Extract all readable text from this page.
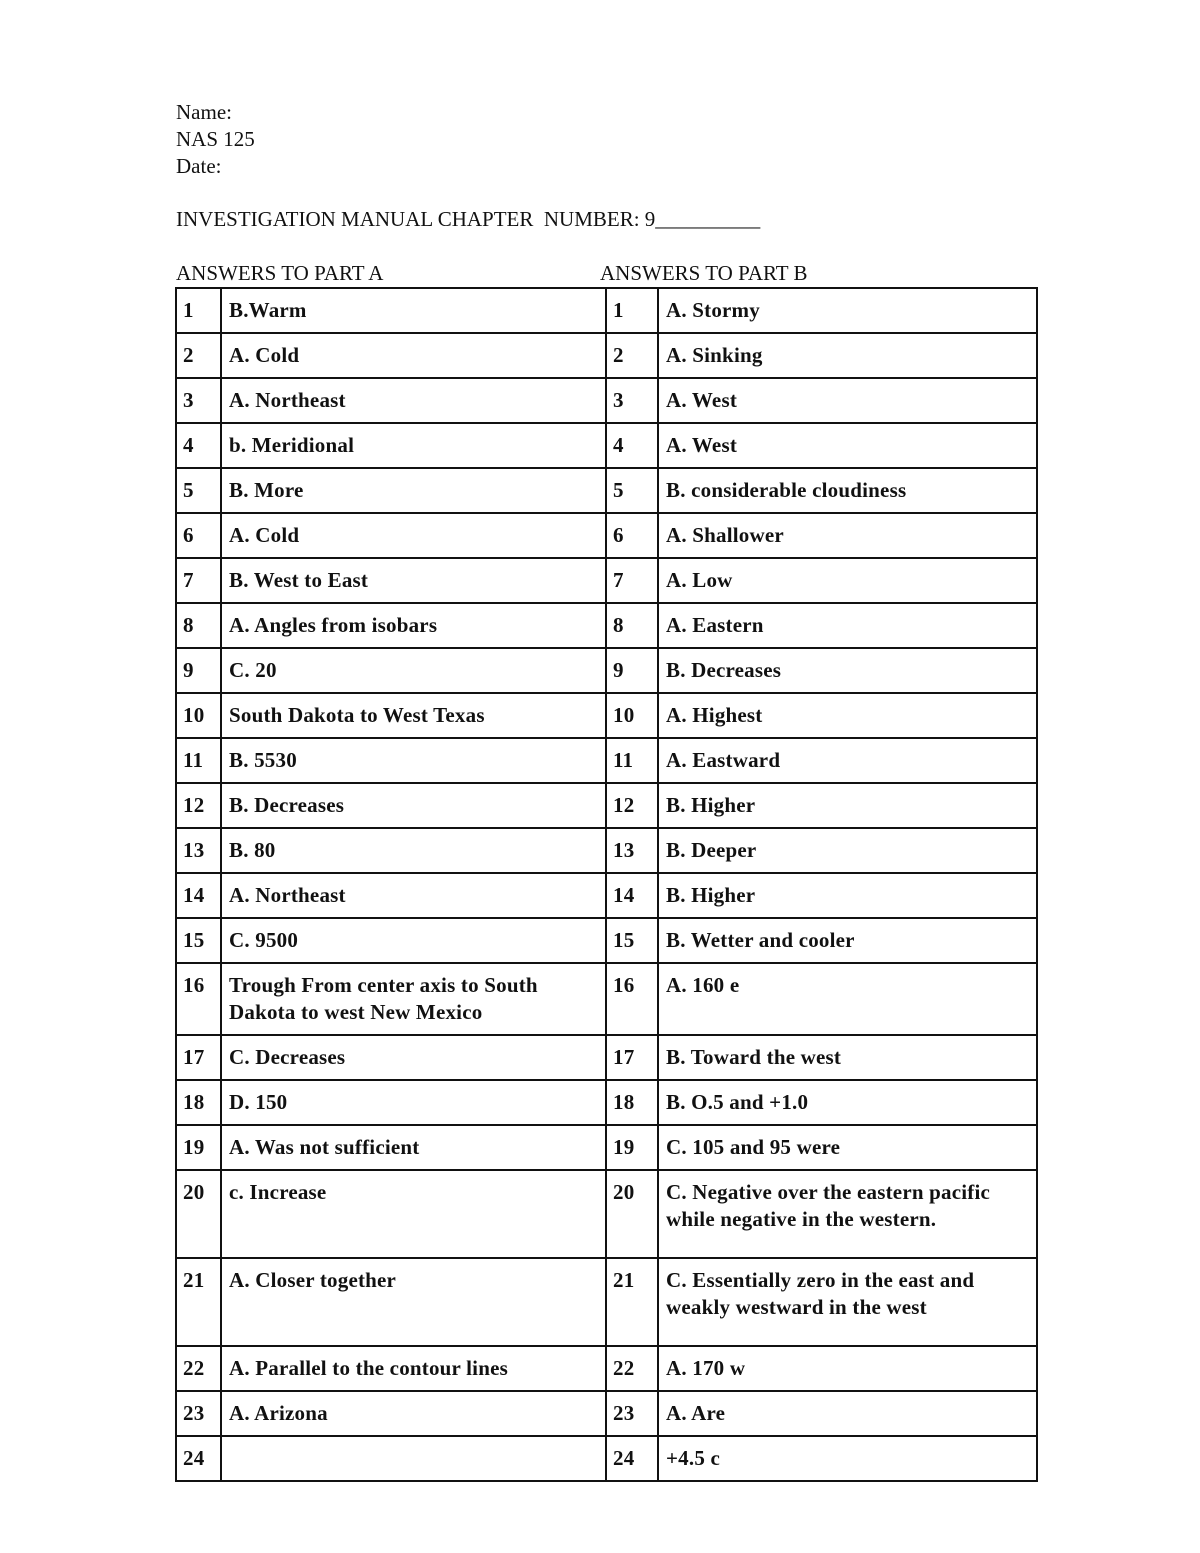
Name:
NAS 125
Date:
INVESTIGATION MANUAL CHAPTER  NUMBER: 9__________
ANSWERS TO PART A	ANSWERS TO PART B
1	B.Warm	1	A. Stormy
2	A. Cold	2	A. Sinking
3	A. Northeast	3	A. West
4	b. Meridional	4	A. West
5	B. More	5	B. considerable cloudiness
6	A. Cold	6	A. Shallower
7	B. West to East	7	A. Low
8	A. Angles from isobars	8	A. Eastern
9	C. 20	9	B. Decreases
10	South Dakota to West Texas	10	A. Highest
11	B. 5530	11	A. Eastward
12	B. Decreases	12	B. Higher
13	B. 80	13	B. Deeper
14	A. Northeast	14	B. Higher
15	C. 9500	15	B. Wetter and cooler
16	Trough From center axis to South Dakota to west New Mexico	16	A. 160 e
17	C. Decreases	17	B. Toward the west
18	D. 150	18	B. O.5 and +1.0
19	A. Was not sufficient	19	C. 105 and 95 were
20	c. Increase	20	C. Negative over the eastern pacific while negative in the western.
21	A. Closer together	21	C. Essentially zero in the east and weakly westward in the west
22	A. Parallel to the contour lines	22	A. 170 w
23	A. Arizona	23	A. Are
24		24	+4.5 c
